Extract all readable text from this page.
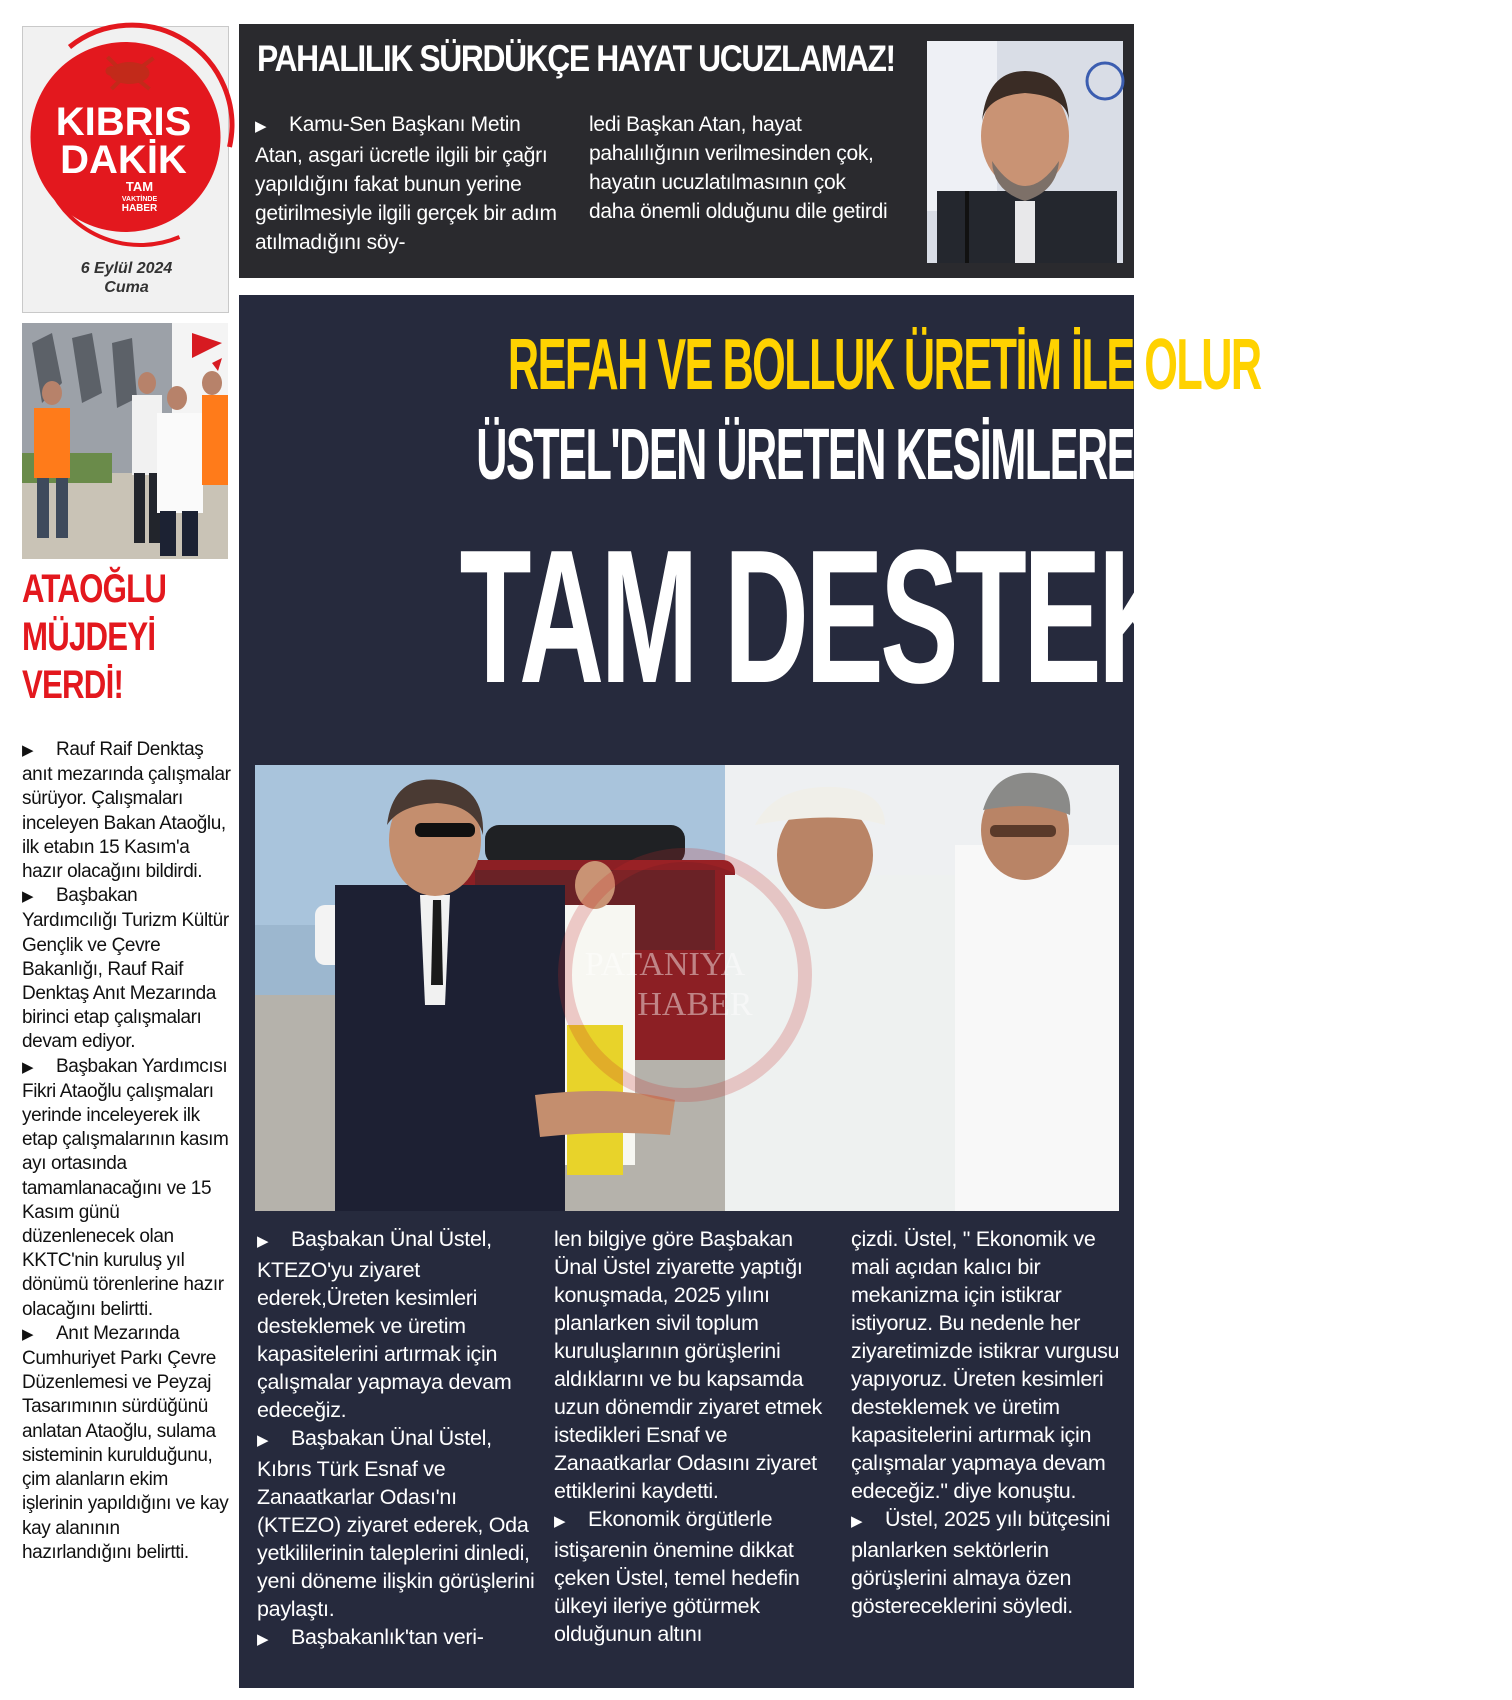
KIBRIS
DAKİK
TAM
VAKTİNDE
HABER
6 Eylül 2024
Cuma
PAHALILIK SÜRDÜKÇE HAYAT UCUZLAMAZ!
▶ Kamu-Sen Başkanı Metin Atan, asgari ücretle ilgili bir çağrı yapıldığını fakat bunun yerine getirilmesiyle ilgili gerçek bir adım atılmadığını söy-
ledi Başkan Atan, hayat pahalılığının verilmesinden çok, hayatın ucuzlatılmasının çok daha önemli olduğunu dile getirdi
ATAOĞLU
MÜJDEYİ
VERDİ!
▶ Rauf Raif Denktaş anıt mezarında çalışmalar sürüyor. Çalışmaları inceleyen Bakan Ataoğlu, ilk etabın 15 Kasım'a hazır olacağını bildirdi.
▶ Başbakan Yardımcılığı Turizm Kültür Gençlik ve Çevre Bakanlığı, Rauf Raif Denktaş Anıt Mezarında birinci etap çalışmaları devam ediyor.
▶ Başbakan Yardımcısı Fikri Ataoğlu çalışmaları yerinde inceleyerek ilk etap çalışmalarının kasım ayı ortasında tamamlanacağını ve 15 Kasım günü düzenlenecek olan KKTC'nin kuruluş yıl dönümü törenlerine hazır olacağını belirtti.
▶ Anıt Mezarında Cumhuriyet Parkı Çevre Düzenlemesi ve Peyzaj Tasarımının sürdüğünü anlatan Ataoğlu, sulama sisteminin kurulduğunu, çim alanların ekim işlerinin yapıldığını ve kay kay alanının hazırlandığını belirtti.
REFAH VE BOLLUK ÜRETİM İLE OLUR
ÜSTEL'DEN ÜRETEN KESİMLERE
TAM DESTEK
PATANIYA
HABER
▶ Başbakan Ünal Üstel, KTEZO'yu ziyaret ederek,Üreten kesimleri desteklemek ve üretim kapasitelerini artırmak için çalışmalar yapmaya devam edeceğiz.
▶ Başbakan Ünal Üstel, Kıbrıs Türk Esnaf ve Zanaatkarlar Odası'nı (KTEZO) ziyaret ederek, Oda yetkililerinin taleplerini dinledi, yeni döneme ilişkin görüşlerini paylaştı.
▶ Başbakanlık'tan veri-
len bilgiye göre Başbakan Ünal Üstel ziyarette yaptığı konuşmada, 2025 yılını planlarken sivil toplum kuruluşlarının görüşlerini aldıklarını ve bu kapsamda uzun dönemdir ziyaret etmek istedikleri Esnaf ve Zanaatkarlar Odasını ziyaret ettiklerini kaydetti.
▶ Ekonomik örgütlerle istişarenin önemine dikkat çeken Üstel, temel hedefin ülkeyi ileriye götürmek olduğunun altını
çizdi. Üstel, " Ekonomik ve mali açıdan kalıcı bir mekanizma için istikrar istiyoruz. Bu nedenle her ziyaretimizde istikrar vurgusu yapıyoruz. Üreten kesimleri desteklemek ve üretim kapasitelerini artırmak için çalışmalar yapmaya devam edeceğiz." diye konuştu.
▶ Üstel, 2025 yılı bütçesini planlarken sektörlerin görüşlerini almaya özen göstereceklerini söyledi.
